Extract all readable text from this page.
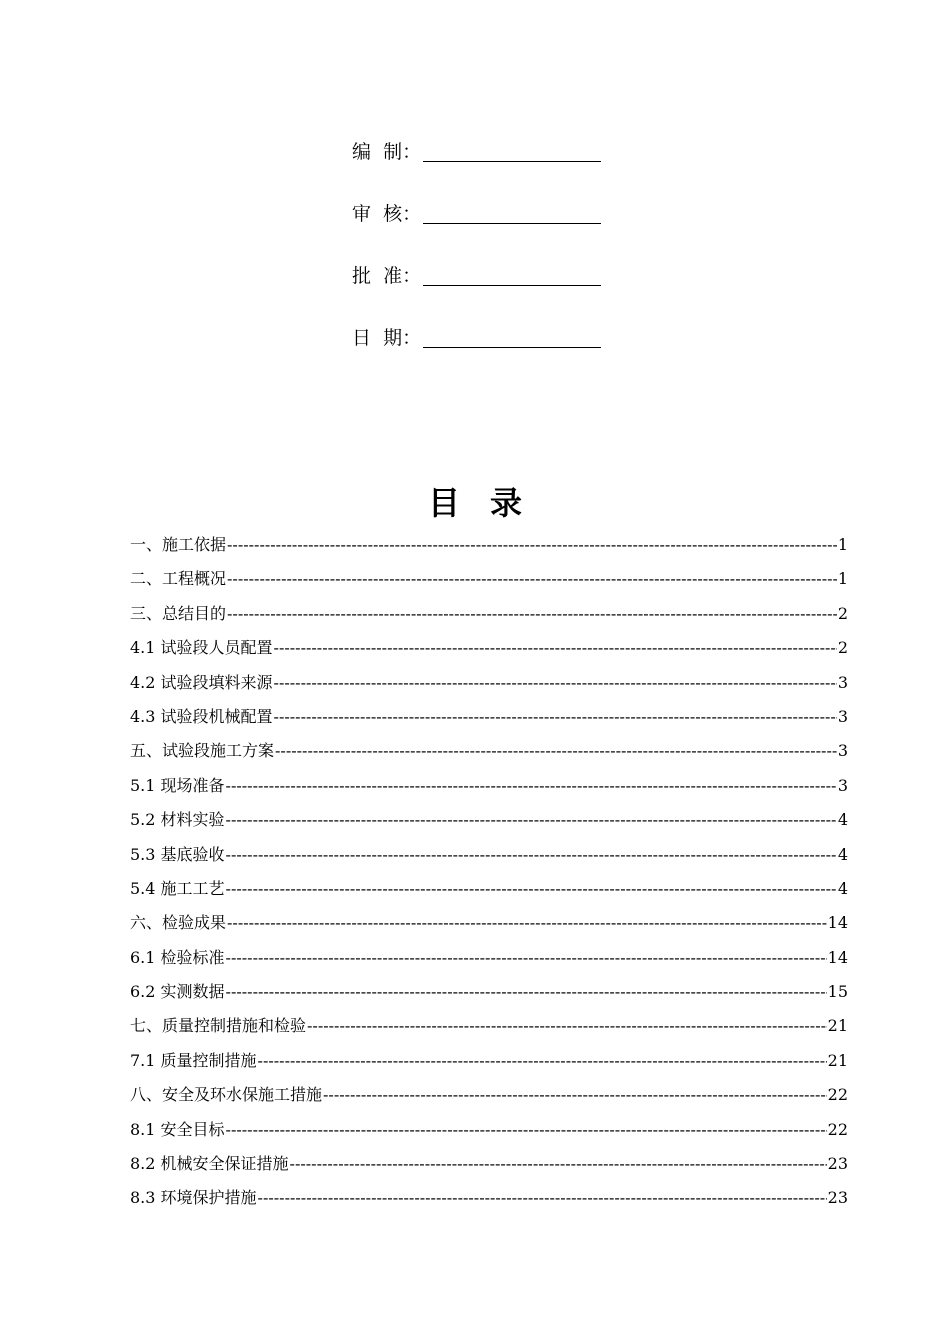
编  制：
审  核：
批  准：
日  期：
目录
一、施工依据 -----	1
二、工程概况 -----	1
三、总结目的 -----	2
4.1 试验段人员配置 -----	2
4.2 试验段填料来源 -----	3
4.3 试验段机械配置 -----	3
五、试验段施工方案 -----	3
5.1 现场准备 -----	3
5.2 材料实验 -----	4
5.3 基底验收 -----	4
5.4 施工工艺 -----	4
六、检验成果 -----	14
6.1 检验标准 -----	14
6.2 实测数据 -----	15
七、质量控制措施和检验 -----	21
7.1 质量控制措施 -----	21
八、安全及环水保施工措施 -----	22
8.1 安全目标 -----	22
8.2 机械安全保证措施 -----	23
8.3 环境保护措施 -----	23
